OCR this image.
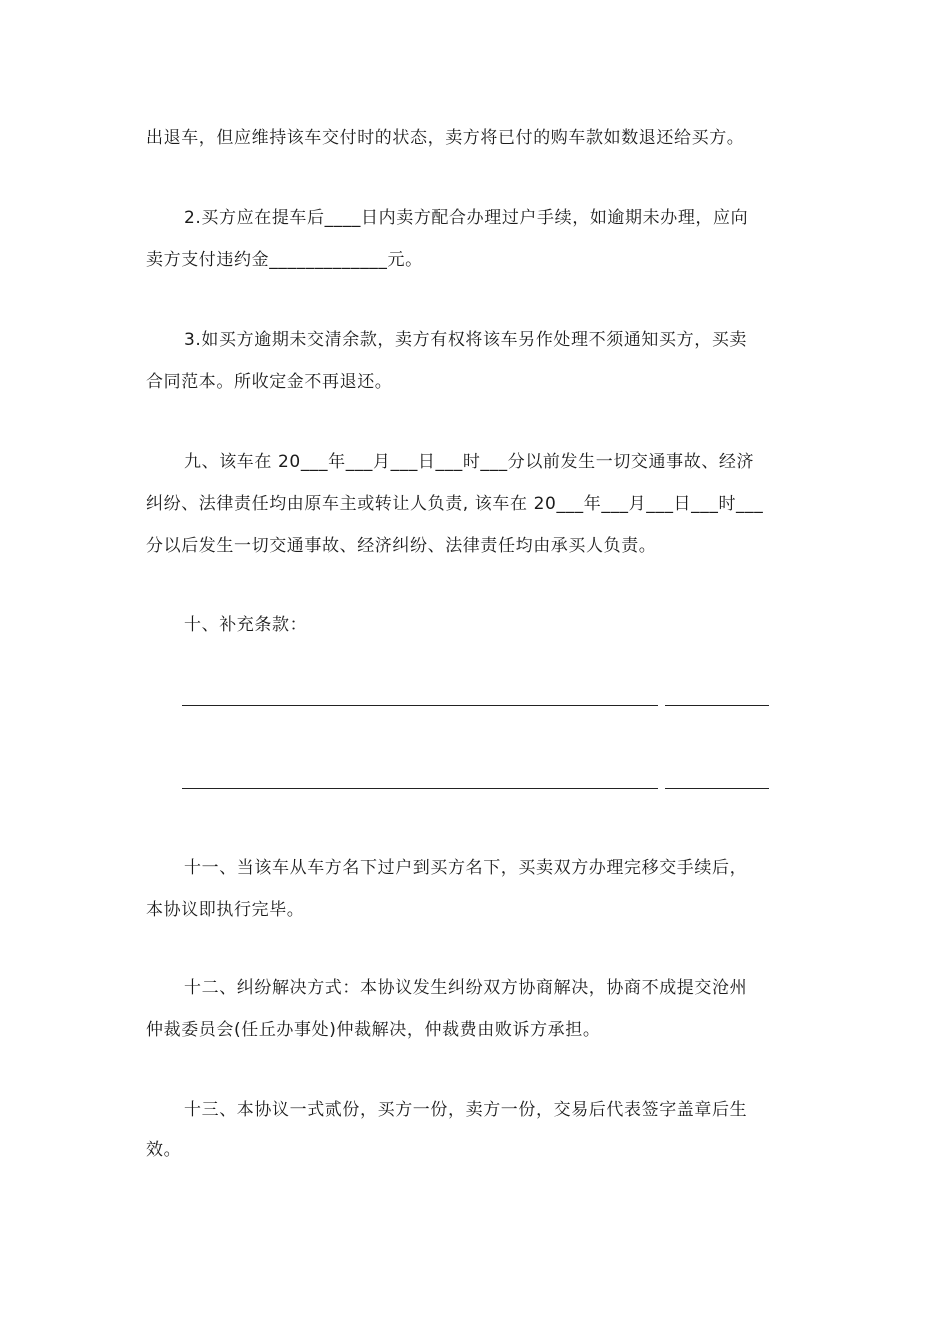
出退车，但应维持该车交付时的状态，卖方将已付的购车款如数退还给买方。
2.买方应在提车后____日内卖方配合办理过户手续，如逾期未办理，应向
卖方支付违约金_____________元。
3.如买方逾期未交清余款，卖方有权将该车另作处理不须通知买方，买卖
合同范本。所收定金不再退还。
九、该车在 20___年___月___日___时___分以前发生一切交通事故、经济
纠纷、法律责任均由原车主或转让人负责, 该车在 20___年___月___日___时___
分以后发生一切交通事故、经济纠纷、法律责任均由承买人负责。
十、补充条款：
十一、当该车从车方名下过户到买方名下，买卖双方办理完移交手续后，
本协议即执行完毕。
十二、纠纷解决方式：本协议发生纠纷双方协商解决，协商不成提交沧州
仲裁委员会(任丘办事处)仲裁解决，仲裁费由败诉方承担。
十三、本协议一式贰份，买方一份，卖方一份，交易后代表签字盖章后生
效。
